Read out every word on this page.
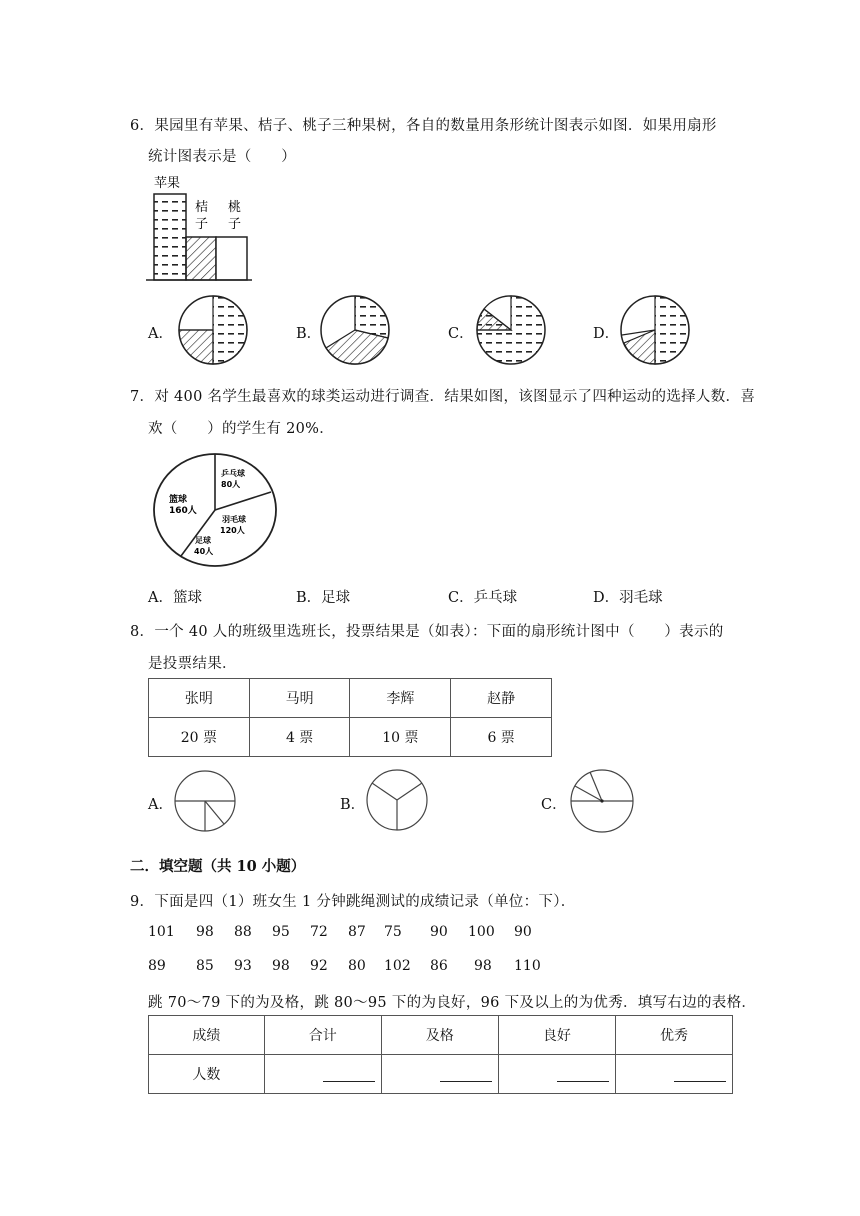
6．果园里有苹果、桔子、桃子三种果树，各自的数量用条形统计图表示如图．如果用扇形
统计图表示是（　　）
苹果
桔
子
桃
子
A．	B．	C．	D．
7．对 400 名学生最喜欢的球类运动进行调查．结果如图，该图显示了四种运动的选择人数．喜
欢（　　）的学生有 20%．
乒乓球
80人
篮球
160人
羽毛球
120人
足球
40人
A．篮球	B．足球	C．乒乓球	D．羽毛球
8．一个 40 人的班级里选班长，投票结果是（如表）：下面的扇形统计图中（　　）表示的
是投票结果．
张明	马明	李辉	赵静
20 票	4 票	10 票	6 票
A．	B．	C．
二．填空题（共 10 小题）
9．下面是四（1）班女生 1 分钟跳绳测试的成绩记录（单位：下）．
101 98 88 95 72 87 75 90 100 90
89 85 93 98 92 80 102 86 98 110
跳 70～79 下的为及格，跳 80～95 下的为良好，96 下及以上的为优秀．填写右边的表格．
成绩	合计	及格	良好	优秀
人数				
